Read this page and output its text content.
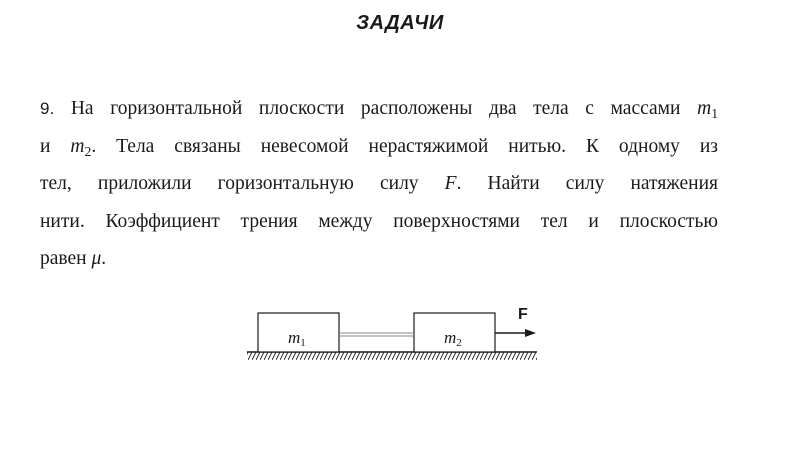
ЗАДАЧИ
9. На горизонтальной плоскости расположены два тела с массами $m_1$
и $m_2$. Тела связаны невесомой нерастяжимой нитью. К одному из
тел, приложили горизонтальную силу F. Найти силу натяжения
нити. Коэффициент трения между поверхностями тел и плоскостью
равен μ.
m1	m2
F
